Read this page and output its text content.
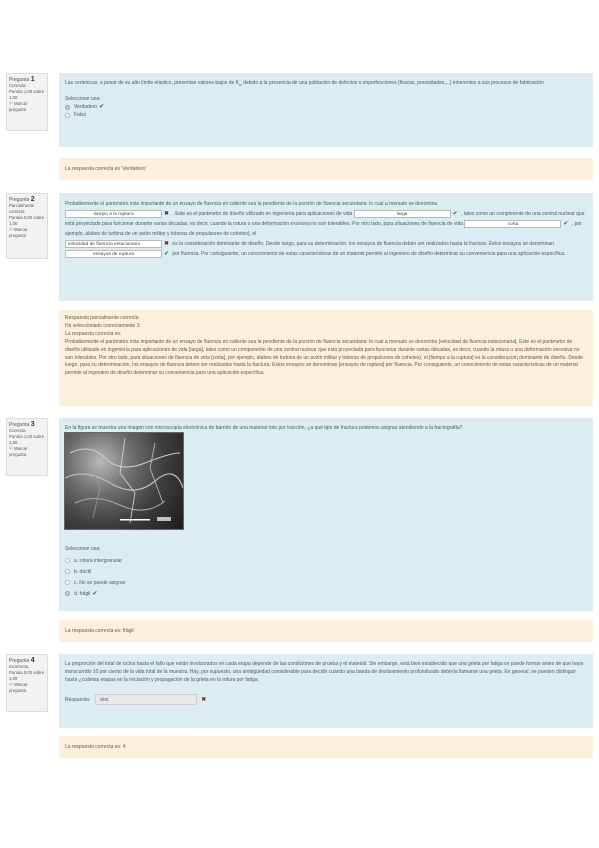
Pregunta 1
Correcta
Puntúa 1,00 sobre 1,00
⚐ Marcar pregunta
Las cerámicas, a pesar de su alto límite elástico, presentan valores bajos de $K_{Ic}$ debido a la presencia de una población de defectos o imperfecciones (fisuras, porosidades,...) inherentes a sus procesos de fabricación
Seleccione una:
Verdadero ✔
Falso
La respuesta correcta es 'Verdadero'
Pregunta 2
Parcialmente correcta
Puntúa 0,60 sobre 1,00
⚐ Marcar pregunta
Probablemente el parámetro más importante de un ensayo de fluencia en caliente sea la pendiente de la porción de fluencia secundaria: lo cual a menudo se denomina
tiempo a la ruptura	✖ . Este es el parámetro de diseño utilizado en ingeniería para aplicaciones de vida	larga	✔ , tales como un componente de una central nuclear que está proyectada para funcionar durante varias décadas, es decir, cuando la rotura o una deformación excesiva no son tolerables. Por otro lado, para situaciones de fluencia de vida	corta	✔ , por ejemplo, álabes de turbina de un avión militar y toberas de propulsores de cohetes), el
velocidad de fluencia estacionaria	✖ es la consideración dominante de diseño. Desde luego, para su determinación, los ensayos de fluencia deben ser realizados hasta la fractura. Estos ensayos se denominan ensayos de ruptura	✔ por fluencia. Por consiguiente, un conocimiento de estas características de un material permite al ingeniero de diseño determinar su conveniencia para una aplicación específica.
Respuesta parcialmente correcta.
Ha seleccionado correctamente 3.
La respuesta correcta es:
Probablemente el parámetro más importante de un ensayo de fluencia en caliente sea la pendiente de la porción de fluencia secundaria: lo cual a menudo se denomina [velocidad de fluencia estacionaria]. Este es el parámetro de diseño utilizado en ingeniería para aplicaciones de vida [larga], tales como un componente de una central nuclear que está proyectada para funcionar durante varias décadas, es decir, cuando la rotura o una deformación excesiva no son tolerables. Por otro lado, para situaciones de fluencia de vida [corta], por ejemplo, álabes de turbina de un avión militar y toberas de propulsores de cohetes), el [tiempo a la ruptura] es la consideración dominante de diseño. Desde luego, para su determinación, los ensayos de fluencia deben ser realizados hasta la fractura. Estos ensayos se denominan [ensayos de ruptura] por fluencia. Por consiguiente, un conocimiento de estas características de un material permite al ingeniero de diseño determinar su conveniencia para una aplicación específica.
Pregunta 3
Correcta
Puntúa 1,00 sobre 1,00
⚐ Marcar pregunta
En la figura se muestra una imagen con microscopía electrónica de barrido de una material roto por tracción, ¿a qué tipo de fractura podemos asignar atendiendo a la fractografía?
Seleccione una:
a. rotura intergranular
b. dúctil
c. No se puede asignar
d. frágil ✔
La respuesta correcta es: frágil
Pregunta 4
Incorrecta
Puntúa 0,00 sobre 1,00
⚐ Marcar pregunta
La proporción del total de ciclos hasta el fallo que están involucrados en cada etapa depende de las condiciones de prueba y el material. Sin embargo, está bien establecido que una grieta por fatiga se puede formar antes de que haya transcurrido 10 por ciento de la vida total de la muestra. Hay, por supuesto, una ambigüedad considerable para decidir cuándo una banda de deslizamiento profundizado debería llamarse una grieta. En general, se pueden distinguir hasta ¿cuántas etapas en la iniciación y propagación de la grieta en la rotura por fatiga
Respuesta:	dos	✖
La respuesta correcta es: 4
